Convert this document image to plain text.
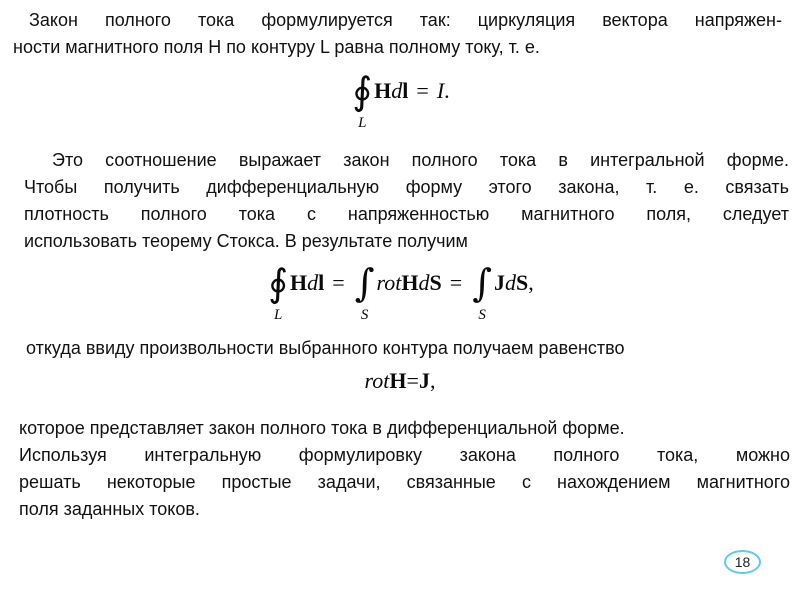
Закон полного тока формулируется так: циркуляция вектора напряжен-
ности магнитного поля Н по контуру L равна полному току, т. е.
∮
L
Hdl = I.
Это соотношение выражает закон полного тока в интегральной форме.
Чтобы получить дифференциальную форму этого закона, т. е. связать
плотность полного тока с напряженностью магнитного поля, следует
использовать теорему Стокса. В результате получим
∮
L
Hdl = ∫
S
rotHdS = ∫
S
JdS,
откуда ввиду произвольности выбранного контура получаем равенство
rotH=J,
которое представляет закон полного тока в дифференциальной форме.
Используя интегральную формулировку закона полного тока, можно
решать некоторые простые задачи, связанные с нахождением магнитного
поля заданных токов.
18
